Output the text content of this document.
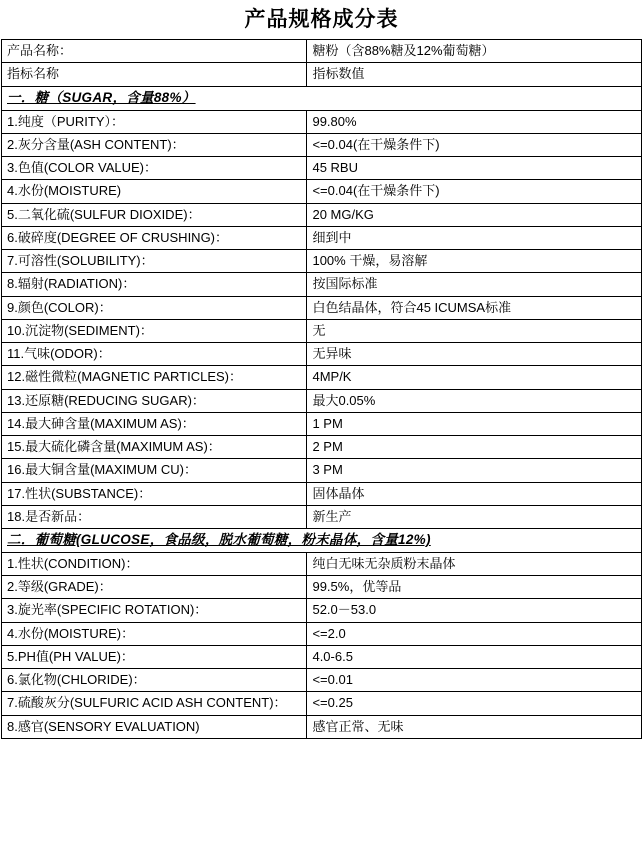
产品规格成分表
产品名称：	糖粉（含88%糖及12%葡萄糖）
指标名称	指标数值
一．糖（SUGAR，含量88%）	
1.纯度（PURITY）：	99.80%
2.灰分含量(ASH CONTENT)：	<=0.04(在干燥条件下)
3.色值(COLOR VALUE)：	45 RBU
4.水份(MOISTURE)	<=0.04(在干燥条件下)
5.二氧化硫(SULFUR DIOXIDE)：	20 MG/KG
6.破碎度(DEGREE OF CRUSHING)：	细到中
7.可溶性(SOLUBILITY)：	100% 干燥，易溶解
8.辐射(RADIATION)：	按国际标准
9.颜色(COLOR)：	白色结晶体，符合45 ICUMSA标准
10.沉淀物(SEDIMENT)：	无
11.气味(ODOR)：	无异味
12.磁性微粒(MAGNETIC PARTICLES)：	4MP/K
13.还原糖(REDUCING SUGAR)：	最大0.05%
14.最大砷含量(MAXIMUM AS)：	1 PM
15.最大硫化磷含量(MAXIMUM AS)：	2 PM
16.最大铜含量(MAXIMUM CU)：	3 PM
17.性状(SUBSTANCE)：	固体晶体
18.是否新品：	新生产
二．葡萄糖(GLUCOSE，食品级，脱水葡萄糖，粉末晶体，含量12%)	
1.性状(CONDITION)：	纯白无味无杂质粉末晶体
2.等级(GRADE)：	99.5%，优等品
3.旋光率(SPECIFIC ROTATION)：	52.0－53.0
4.水份(MOISTURE)：	<=2.0
5.PH值(PH VALUE)：	4.0-6.5
6.氯化物(CHLORIDE)：	<=0.01
7.硫酸灰分(SULFURIC ACID ASH CONTENT)：	<=0.25
8.感官(SENSORY EVALUATION)	感官正常、无味
